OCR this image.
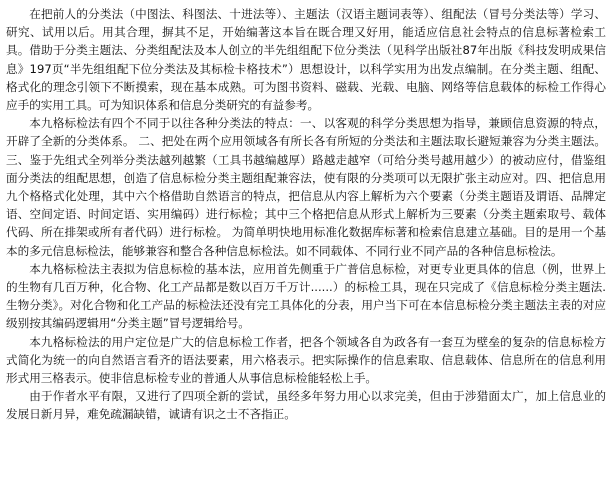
在把前人的分类法（中图法、科图法、十进法等）、主题法（汉语主题词表等）、组配法（冒号分类法等）学习、研究、试用以后。用其合理，摒其不足，开始编著这本旨在既合理又好用，能适应信息社会特点的信息标著检索工具。借助于分类主题法、分类组配法及本人创立的半先组组配下位分类法（见科学出版社87年出版《科技发明成果信息》197页“半先组组配下位分类法及其标检卡格技术”）思想设计，以科学实用为出发点编制。在分类主题、组配、格式化的理念引领下不断摸索，现在基本成熟。可为图书资料、磁载、光载、电脑、网络等信息载体的标检工作得心应手的实用工具。可为知识体系和信息分类研究的有益参考。

本九格标检法有四个不同于以往各种分类法的特点：一、以客观的科学分类思想为指导，兼顾信息资源的特点，开辟了全新的分类体系。 二、把处在两个应用领域各有所长各有所短的分类法和主题法取长避短兼容为分类主题法。 三、鉴于先组式全列举分类法越列越繁（工具书越编越厚）路越走越窄（可给分类号越用越少）的被动应付，借鉴组面分类法的组配思想，创造了信息标检分类主题组配兼容法，使有限的分类项可以无限扩张主动应对。四、把信息用九个格格式化处理，其中六个格借助自然语言的特点，把信息从内容上解析为六个要素（分类主题语及谓语、品牌定语、空间定语、时间定语、实用编码）进行标检；其中三个格把信息从形式上解析为三要素（分类主题索取号、载体代码、所在排架或所有者代码）进行标检。 为简单明快地用标准化数据库标著和检索信息建立基础。目的是用一个基本的多元信息标检法，能够兼容和整合各种信息标检法。如不同载体、不同行业不同产品的各种信息标检法。

本九格标检法主表拟为信息标检的基本法，应用首先侧重于广普信息标检，对更专业更具体的信息（例，世界上的生物有几百万种，化合物、化工产品都是数以百万千万计......）的标检工具，现在只完成了《信息标检分类主题法.生物分类》。对化合物和化工产品的标检法还没有完工具体化的分表，用户当下可在本信息标检分类主题法主表的对应级别按其编码逻辑用“分类主题”冒号逻辑给号。

本九格标检法的用户定位是广大的信息标检工作者，把各个领域各自为政各有一套互为壁垒的复杂的信息标检方式简化为统一的向自然语言看齐的语法要素，用六格表示。把实际操作的信息索取、信息载体、信息所在的信息利用形式用三格表示。使非信息标检专业的普通人从事信息标检能轻松上手。

由于作者水平有限，又进行了四项全新的尝试，虽经多年努力用心以求完美，但由于涉猎面太广，加上信息业的发展日新月异，难免疏漏缺错，诚请有识之士不吝指正。
